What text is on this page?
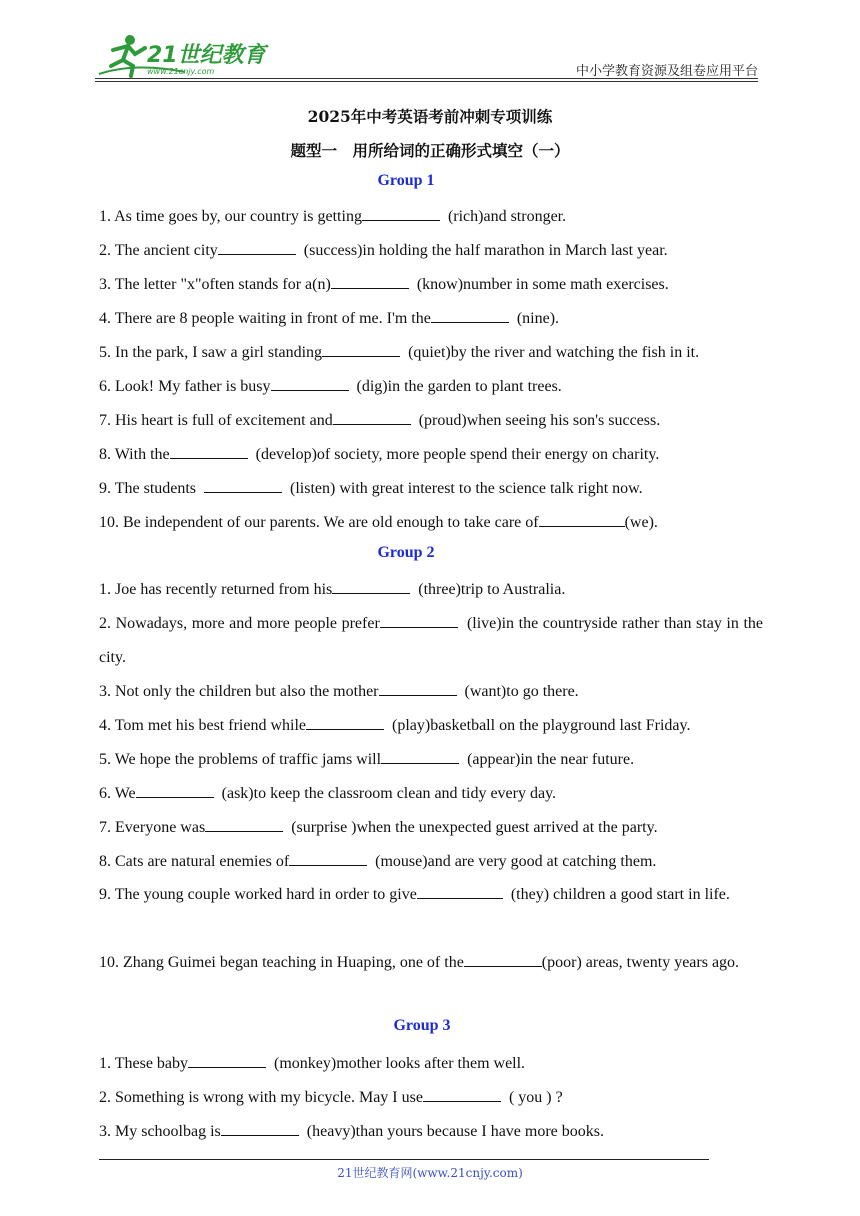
21世纪教育
www.21cnjy.com	中小学教育资源及组卷应用平台
2025年中考英语考前冲刺专项训练
题型一　用所给词的正确形式填空（一）
Group 1
1. As time goes by, our country is getting	(rich)and stronger.
2. The ancient city	(success)in holding the half marathon in March last year.
3. The letter "x"often stands for a(n)	(know)number in some math exercises.
4. There are 8 people waiting in front of me. I'm the	(nine).
5. In the park, I saw a girl standing	(quiet)by the river and watching the fish in it.
6. Look! My father is busy	(dig)in the garden to plant trees.
7. His heart is full of excitement and	(proud)when seeing his son's success.
8. With the	(develop)of society, more people spend their energy on charity.
9. The students	(listen) with great interest to the science talk right now.
10. Be independent of our parents. We are old enough to take care of	(we).
Group 2
1. Joe has recently returned from his	(three)trip to Australia.
2. Nowadays, more and more people prefer	(live)in the countryside rather than stay in the city.
3. Not only the children but also the mother	(want)to go there.
4. Tom met his best friend while	(play)basketball on the playground last Friday.
5. We hope the problems of traffic jams will	(appear)in the near future.
6. We	(ask)to keep the classroom clean and tidy every day.
7. Everyone was	(surprise )when the unexpected guest arrived at the party.
8. Cats are natural enemies of	(mouse)and are very good at catching them.
9. The young couple worked hard in order to give	(they) children a good start in life.
10. Zhang Guimei began teaching in Huaping, one of the	(poor) areas, twenty years ago.
Group 3
1. These baby	(monkey)mother looks after them well.
2. Something is wrong with my bicycle. May I use	( you ) ?
3. My schoolbag is	(heavy)than yours because I have more books.
21世纪教育网(www.21cnjy.com)
